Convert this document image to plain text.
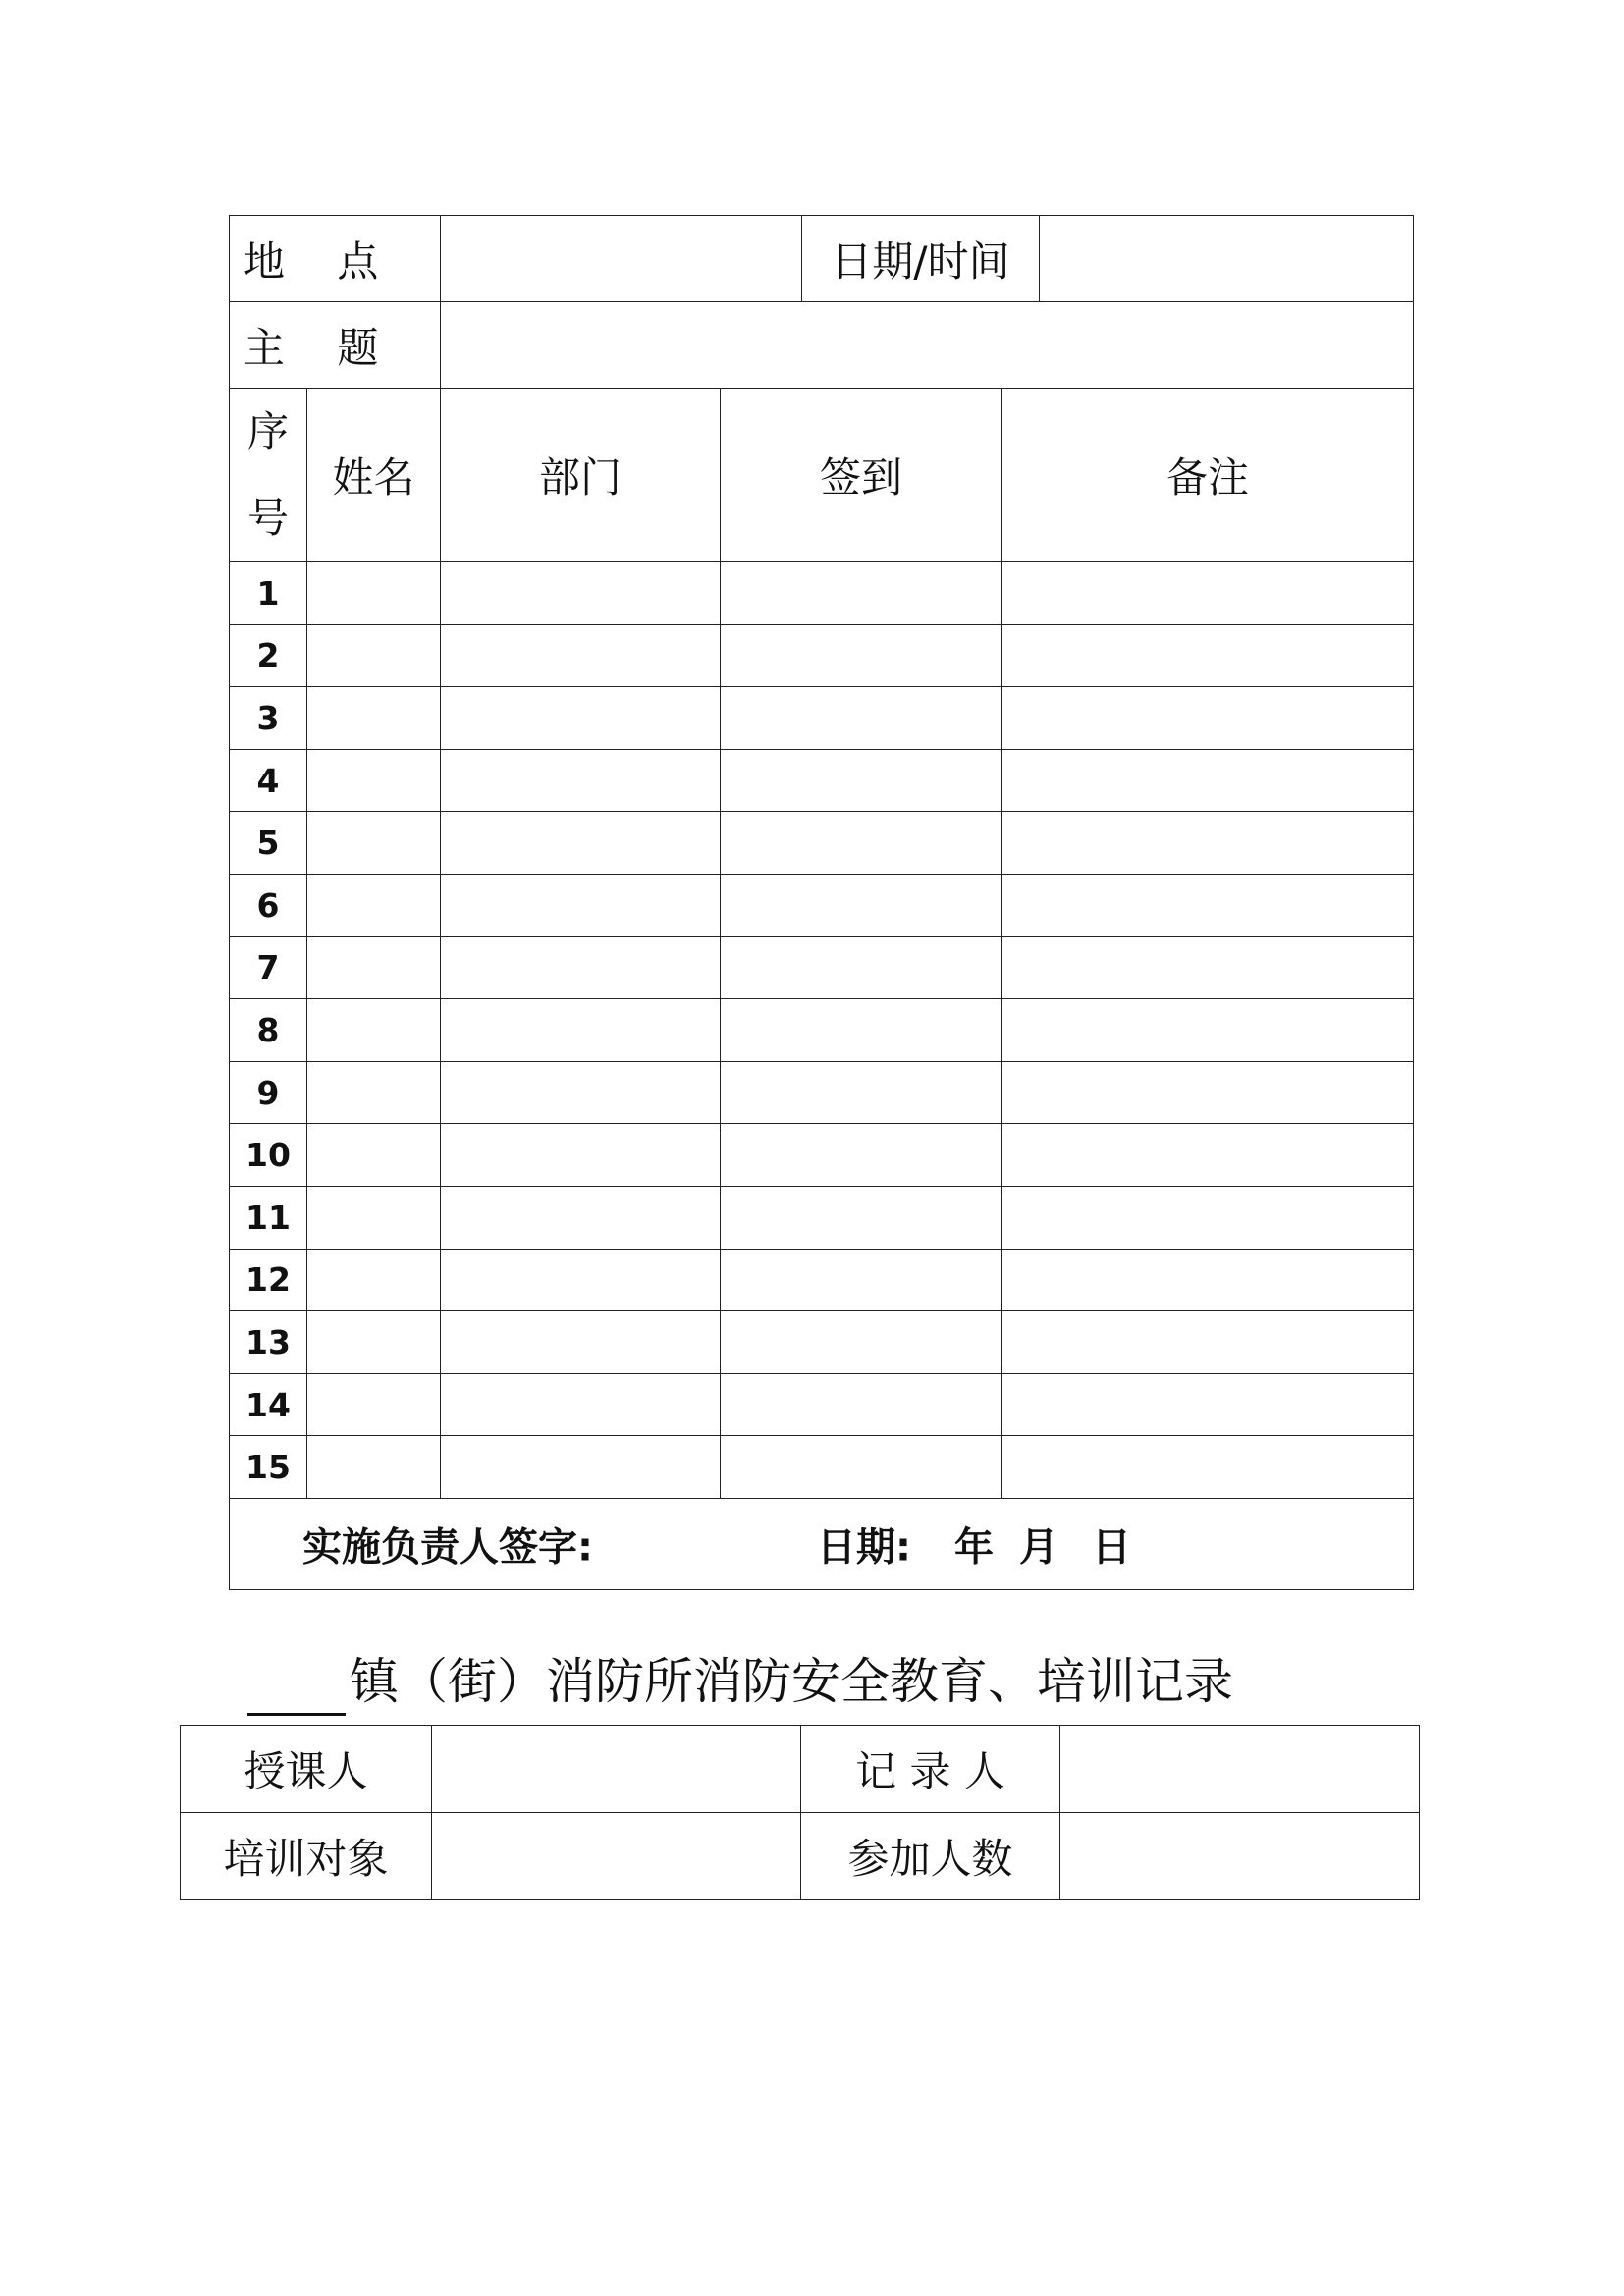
地    点				日期/时间		
主    题						

序
号	姓名	部门	签到		备注	
1						
2						
3						
4						
5						
6						
7						
8						
9						
10						
11						
12						
13						
14						
15						

实施负责人签字: 日期: 年 月 日						
镇（街）消防所消防安全教育、培训记录
授课人		记 录 人	
培训对象		参加人数	
